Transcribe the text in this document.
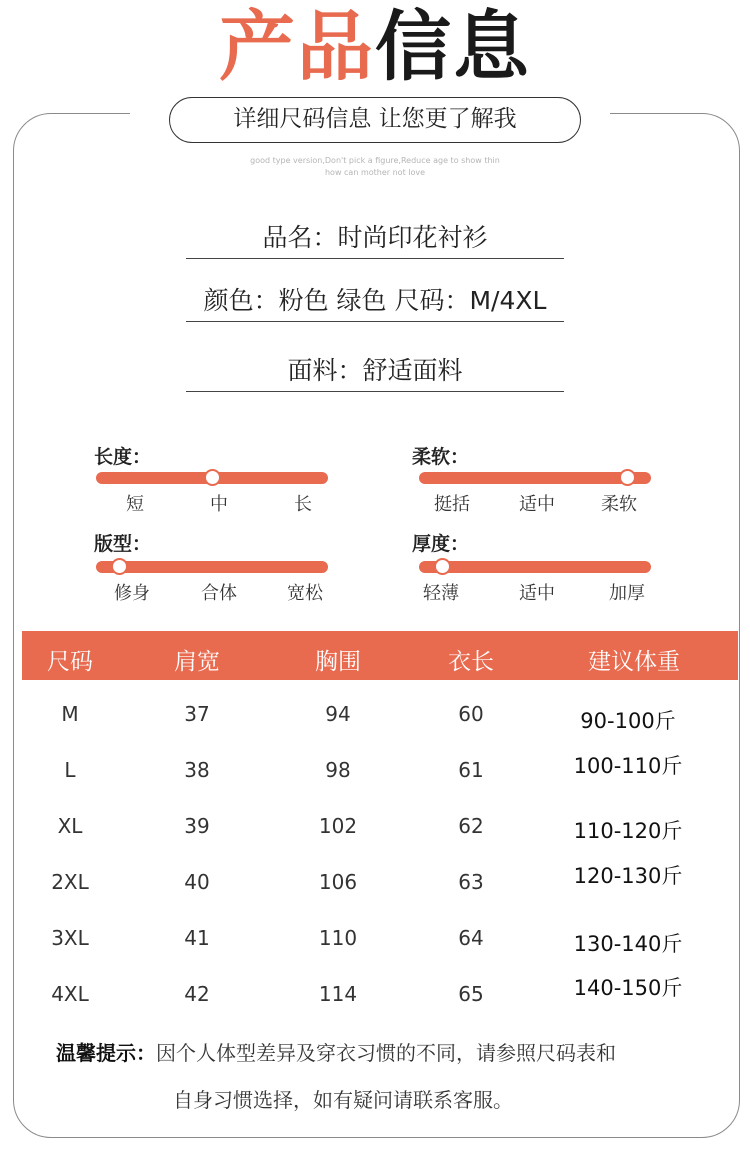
产品信息
详细尺码信息 让您更了解我
good type version,Don't pick a figure,Reduce age to show thin
how can mother not love
品名：时尚印花衬衫
颜色：粉色 绿色 尺码：M/4XL
面料：舒适面料
长度：
短	中	长
柔软：
挺括	适中	柔软
版型：
修身	合体	宽松
厚度：
轻薄	适中	加厚
尺码	肩宽	胸围	衣长	建议体重
M	37	94	60	90-100斤
L	38	98	61	100-110斤
XL	39	102	62	110-120斤
2XL	40	106	63	120-130斤
3XL	41	110	64	130-140斤
4XL	42	114	65	140-150斤
温馨提示：因个人体型差异及穿衣习惯的不同，请参照尺码表和
自身习惯选择，如有疑问请联系客服。
